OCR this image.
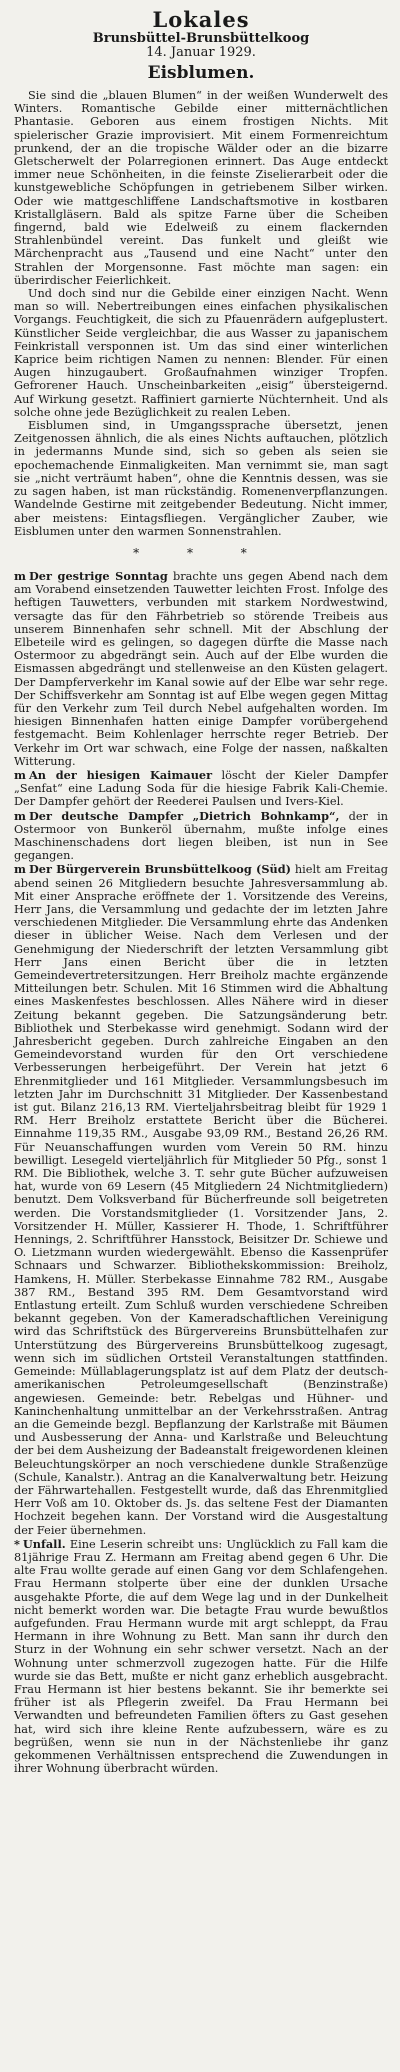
Lokales
Brunsbüttel-Brunsbüttelkoog
14. Januar 1929.
Eisblumen.

Sie sind die „blauen Blumen“ in der weißen Wunderwelt des Winters. Romantische Gebilde einer mitternächtlichen Phantasie. Geboren aus einem frostigen Nichts. Mit spielerischer Grazie improvisiert. Mit einem Formenreichtum prunkend, der an die tropische Wälder oder an die bizarre Gletscherwelt der Polarregionen erinnert. Das Auge entdeckt immer neue Schönheiten, in die feinste Ziselierarbeit oder die kunstgewebliche Schöpfungen in getriebenem Silber wirken. Oder wie mattgeschliffene Landschaftsmotive in kostbaren Kristallgläsern. Bald als spitze Farne über die Scheiben fingernd, bald wie Edelweiß zu einem flackernden Strahlenbündel vereint. Das funkelt und gleißt wie Märchenpracht aus „Tausend und eine Nacht“ unter den Strahlen der Morgensonne. Fast möchte man sagen: ein überirdischer Feierlichkeit.

Und doch sind nur die Gebilde einer einzigen Nacht. Wenn man so will. Nebertreibungen eines einfachen physikalischen Vorgangs. Feuchtigkeit, die sich zu Pfauenrädern aufgeplustert. Künstlicher Seide vergleichbar, die aus Wasser zu japanischem Feinkristall versponnen ist. Um das sind einer winterlichen Kaprice beim richtigen Namen zu nennen: Blender. Für einen Augen hinzugaubert. Großaufnahmen winziger Tropfen. Gefrorener Hauch. Unscheinbarkeiten „eisig“ übersteigernd. Auf Wirkung gesetzt. Raffiniert garnierte Nüchternheit. Und als solche ohne jede Bezüglichkeit zu realen Leben.

Eisblumen sind, in Umgangssprache übersetzt, jenen Zeitgenossen ähnlich, die als eines Nichts auftauchen, plötzlich in jedermanns Munde sind, sich so geben als seien sie epochemachende Einmaligkeiten. Man vernimmt sie, man sagt sie „nicht verträumt haben“, ohne die Kenntnis dessen, was sie zu sagen haben, ist man rückständig. Romenenverpflanzungen. Wandelnde Gestirne mit zeitgebender Bedeutung. Nicht immer, aber meistens: Eintagsfliegen. Vergänglicher Zauber, wie Eisblumen unter den warmen Sonnenstrahlen.

* * *

m Der gestrige Sonntag brachte uns gegen Abend nach dem am Vorabend einsetzenden Tauwetter leichten Frost. Infolge des heftigen Tauwetters, verbunden mit starkem Nordwestwind, versagte das für den Fährbetrieb so störende Treibeis aus unserem Binnenhafen sehr schnell. Mit der Abschlung der Elbeteile wird es gelingen, so dagegen dürfte die Masse nach Ostermoor zu abgedrängt sein. Auch auf der Elbe wurden die Eismassen abgedrängt und stellenweise an den Küsten gelagert. Der Dampferverkehr im Kanal sowie auf der Elbe war sehr rege. Der Schiffsverkehr am Sonntag ist auf Elbe wegen gegen Mittag für den Verkehr zum Teil durch Nebel aufgehalten worden. Im hiesigen Binnenhafen hatten einige Dampfer vorübergehend festgemacht. Beim Kohlenlager herrschte reger Betrieb. Der Verkehr im Ort war schwach, eine Folge der nassen, naßkalten Witterung.

m An der hiesigen Kaimauer löscht der Kieler Dampfer „Senfat“ eine Ladung Soda für die hiesige Fabrik Kali-Chemie. Der Dampfer gehört der Reederei Paulsen und Ivers-Kiel.

m Der deutsche Dampfer „Dietrich Bohnkamp“, der in Ostermoor von Bunkeröl übernahm, mußte infolge eines Maschinenschadens dort liegen bleiben, ist nun in See gegangen.

m Der Bürgerverein Brunsbüttelkoog (Süd) hielt am Freitag abend seinen 26 Mitgliedern besuchte Jahresversammlung ab. Mit einer Ansprache eröffnete der 1. Vorsitzende des Vereins, Herr Jans, die Versammlung und gedachte der im letzten Jahre verschiedenen Mitglieder. Die Versammlung ehrte das Andenken dieser in üblicher Weise. Nach dem Verlesen und der Genehmigung der Niederschrift der letzten Versammlung gibt Herr Jans einen Bericht über die in letzten Gemeindevertretersitzungen. Herr Breiholz machte ergänzende Mitteilungen betr. Schulen. Mit 16 Stimmen wird die Abhaltung eines Maskenfestes beschlossen. Alles Nähere wird in dieser Zeitung bekannt gegeben. Die Satzungsänderung betr. Bibliothek und Sterbekasse wird genehmigt. Sodann wird der Jahresbericht gegeben. Durch zahlreiche Eingaben an den Gemeindevorstand wurden für den Ort verschiedene Verbesserungen herbeigeführt. Der Verein hat jetzt 6 Ehrenmitglieder und 161 Mitglieder. Versammlungsbesuch im letzten Jahr im Durchschnitt 31 Mitglieder. Der Kassenbestand ist gut. Bilanz 216,13 RM. Vierteljahrsbeitrag bleibt für 1929 1 RM. Herr Breiholz erstattete Bericht über die Bücherei. Einnahme 119,35 RM., Ausgabe 93,09 RM., Bestand 26,26 RM. Für Neuanschaffungen wurden vom Verein 50 RM. hinzu bewilligt. Lesegeld vierteljährlich für Mitglieder 50 Pfg., sonst 1 RM. Die Bibliothek, welche 3. T. sehr gute Bücher aufzuweisen hat, wurde von 69 Lesern (45 Mitgliedern 24 Nichtmitgliedern) benutzt. Dem Volksverband für Bücherfreunde soll beigetreten werden. Die Vorstandsmitglieder (1. Vorsitzender Jans, 2. Vorsitzender H. Müller, Kassierer H. Thode, 1. Schriftführer Hennings, 2. Schriftführer Hansstock, Beisitzer Dr. Schiewe und O. Lietzmann wurden wiedergewählt. Ebenso die Kassenprüfer Schnaars und Schwarzer. Bibliothekskommission: Breiholz, Hamkens, H. Müller. Sterbekasse Einnahme 782 RM., Ausgabe 387 RM., Bestand 395 RM. Dem Gesamtvorstand wird Entlastung erteilt. Zum Schluß wurden verschiedene Schreiben bekannt gegeben. Von der Kameradschaftlichen Vereinigung wird das Schriftstück des Bürgervereins Brunsbüttelhafen zur Unterstützung des Bürgervereins Brunsbüttelkoog zugesagt, wenn sich im südlichen Ortsteil Veranstaltungen stattfinden. Gemeinde: Müllablagerungsplatz ist auf dem Platz der deutsch-amerikanischen Petroleumgesellschaft (Benzinstraße) angewiesen. Gemeinde: betr. Rebelgas und Hühner- und Kaninchenhaltung unmittelbar an der Verkehrsstraßen. Antrag an die Gemeinde bezgl. Bepflanzung der Karlstraße mit Bäumen und Ausbesserung der Anna- und Karlstraße und Beleuchtung der bei dem Ausheizung der Badeanstalt freigewordenen kleinen Beleuchtungskörper an noch verschiedene dunkle Straßenzüge (Schule, Kanalstr.). Antrag an die Kanalverwaltung betr. Heizung der Fährwartehallen. Festgestellt wurde, daß das Ehrenmitglied Herr Voß am 10. Oktober ds. Js. das seltene Fest der Diamanten Hochzeit begehen kann. Der Vorstand wird die Ausgestaltung der Feier übernehmen.

* Unfall. Eine Leserin schreibt uns: Unglücklich zu Fall kam die 81jährige Frau Z. Hermann am Freitag abend gegen 6 Uhr. Die alte Frau wollte gerade auf einen Gang vor dem Schlafengehen. Frau Hermann stolperte über eine der dunklen Ursache ausgehakte Pforte, die auf dem Wege lag und in der Dunkelheit nicht bemerkt worden war. Die betagte Frau wurde bewußtlos aufgefunden. Frau Hermann wurde mit argt schleppt, da Frau Hermann in ihre Wohnung zu Bett. Man sann ihr durch den Sturz in der Wohnung ein sehr schwer versetzt. Nach an der Wohnung unter schmerzvoll zugezogen hatte. Für die Hilfe wurde sie das Bett, mußte er nicht ganz erheblich ausgebracht. Frau Hermann ist hier bestens bekannt. Sie ihr bemerkte sei früher ist als Pflegerin zweifel. Da Frau Hermann bei Verwandten und befreundeten Familien öfters zu Gast gesehen hat, wird sich ihre kleine Rente aufzubessern, wäre es zu begrüßen, wenn sie nun in der Nächstenliebe ihr ganz gekommenen Verhältnissen entsprechend die Zuwendungen in ihrer Wohnung überbracht würden.
